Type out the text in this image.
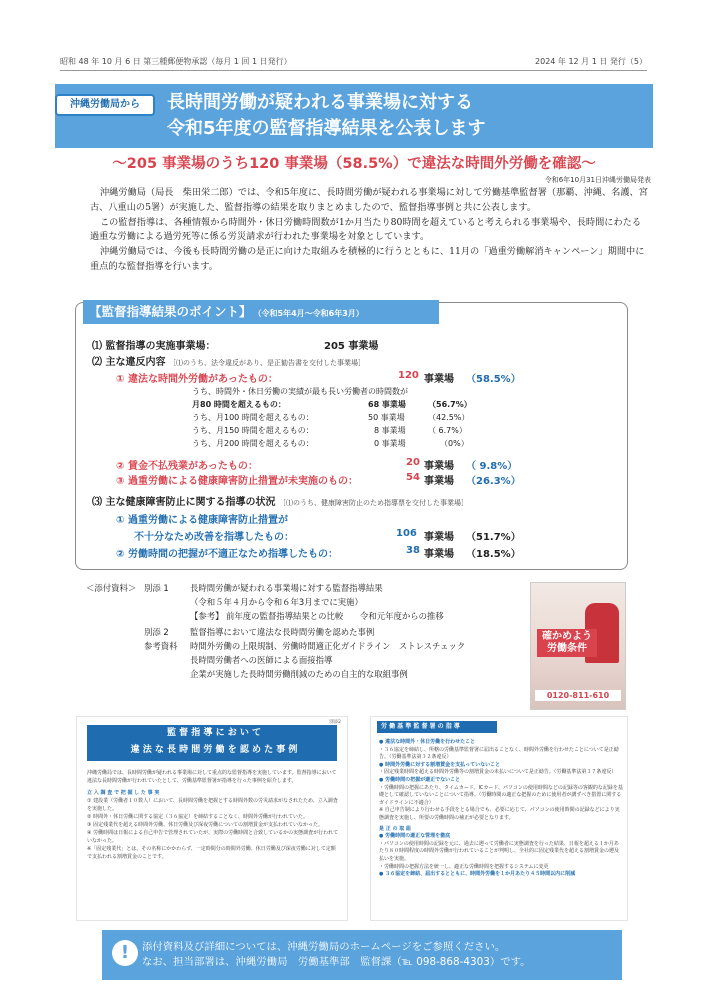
昭和 48 年 10 月 6 日 第三種郵便物承認（毎月 1 回 1 日発行）	2024 年 12 月 1 日 発行（5）
沖縄労働局から	長時間労働が疑われる事業場に対する
令和5年度の監督指導結果を公表します
～205 事業場のうち120 事業場（58.5%）で違法な時間外労働を確認～
令和6年10月31日沖縄労働局発表

沖縄労働局（局長　柴田栄二郎）では、令和5年度に、長時間労働が疑われる事業場に対して労働基準監督署（那覇、沖縄、名護、宮古、八重山の5署）が実施した、監督指導の結果を取りまとめましたので、監督指導事例と共に公表します。

この監督指導は、各種情報から時間外・休日労働時間数が1か月当たり80時間を超えていると考えられる事業場や、長時間にわたる過重な労働による過労死等に係る労災請求が行われた事業場を対象としています。

沖縄労働局では、今後も長時間労働の是正に向けた取組みを積極的に行うとともに、11月の「過重労働解消キャンペーン」期間中に重点的な監督指導を行います。

【監督指導結果のポイント】 （令和5年4月～令和6年3月）
⑴ 監督指導の実施事業場：	205 事業場
⑵ 主な違反内容 ［⑴のうち、法令違反があり、是正勧告書を交付した事業場］
① 違法な時間外労働があったもの：	120 事業場 （58.5%）
うち、時間外・休日労働の実績が最も長い労働者の時間数が
月80 時間を超えるもの：	68 事業場	（56.7%）
うち、月100 時間を超えるもの：	50 事業場	（42.5%）
うち、月150 時間を超えるもの：	8 事業場	（ 6.7%）
うち、月200 時間を超えるもの：	0 事業場	（0%）
② 賃金不払残業があったもの：	20 事業場 （ 9.8%）
③ 過重労働による健康障害防止措置が未実施のもの：	54 事業場 （26.3%）
⑶ 主な健康障害防止に関する指導の状況 ［⑴のうち、健康障害防止のため指導票を交付した事業場］
① 過重労働による健康障害防止措置が
不十分なため改善を指導したもの：	106 事業場 （51.7%）
② 労働時間の把握が不適正なため指導したもの：	38 事業場 （18.5%）
＜添付資料＞ 別添 1	長時間労働が疑われる事業場に対する監督指導結果
（令和５年４月から令和６年3月までに実施）
【参考】 前年度の監督指導結果との比較　　令和元年度からの推移
別添 2	監督指導において違法な長時間労働を認めた事例
参考資料 時間外労働の上限規制、労働時間適正化ガイドライン　ストレスチェック
長時間労働者への医師による面接指導
企業が実施した長時間労働削減のための自主的な取組事例
確かめよう労働条件
0120-811-610
別添2
監 督 指 導 に お い て
違 法 な 長 時 間 労 働 を 認 め た 事 例
沖縄労働局では、長時間労働が疑われる事業場に対して重点的な監督指導を実施しています。監督指導において違法な長時間労働が行われていたとして、労働基準監督署が指導を行った事例を紹介します。
立 入 調 査 で 把 握 し た 事 実
① 建設業（労働者１０数人）において、長時間労働を把握とする時間外数の労災請求がなされたため、立入調査を実施した。
② 時間外・休日労働に関する協定（３６協定）を締結することなく、時間外労働が行われていた。
③ 固定残業代を超える時間外労働、休日労働及び深夜労働についての割増賃金が支払われていなかった。
④ 労働時間は日報による自己申告で管理されていたが、実際の労働時間と合致しているかの実態調査が行われていなかった。
※「固定残業代」とは、その名称にかかわらず、一定時間分の時間外労働、休日労働及び深夜労働に対して定額で支払われる割増賃金のことです。
労 働 基 準 監 督 署 の 指 導
● 違法な時間外・休日労働を行わせたこと
・３６協定を締結し、所轄の労働基準監督署に届出ることなく、時間外労働を行わせたことについて是正勧告。（労働基準法第３２条違反）
● 時間外労働に対する割増賃金を支払っていないこと
・固定残業時間を超える時間外労働等の割増賃金の未払いについて是正勧告。（労働基準法第３７条違反）
● 労働時間の把握が適正でないこと
・労働時間の把握にあたり、タイムカード、ICカード、パソコンの使用時間などの記録等の客観的な記録を基礎として確認していないことについて指導。（労働時間の適正な把握のために使用者が講ずべき措置に関するガイドラインに不適合）
※ 自己申告制により行わせる手段をとる場合でも、必要に応じて、パソコンの使用時間の記録などにより実態調査を実施し、所要の労働時間の補正が必要となります。
是 正 の 取 組
● 労働時間の適正な管理を徹底
・パソコンの使用時間の記録を元に、過去に遡って労働者に実態調査を行った結果、日報を超える１か月あたり８０時間程度の時間外労働が行われていることが判明し、全社的に固定残業代を超える割増賃金の遡及払いを実施。
・労働時間の把握方法を統一し、適正な労働時間を把握するシステムに変更
● ３６協定を締結、届出するとともに、時間外労働を１か月あたり４５時間以内に削減
添付資料及び詳細については、沖縄労働局のホームページをご参照ください。
なお、担当部署は、沖縄労働局　労働基準部　監督課（℡ 098-868-4303）です。
!
